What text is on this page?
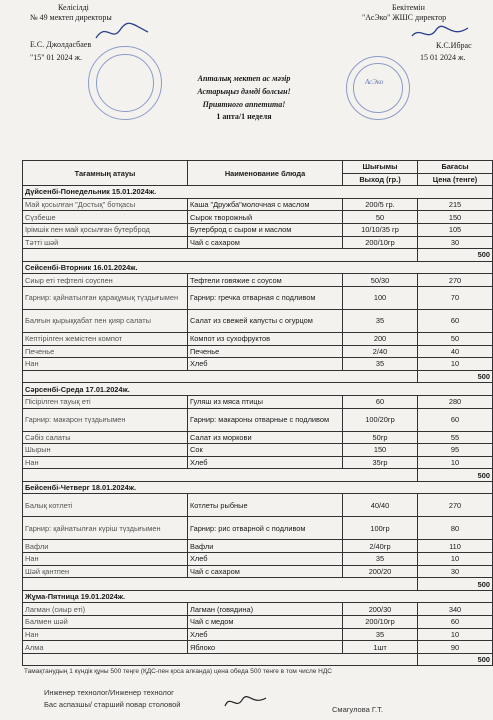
Келісілді
№ 49 мектеп директоры
Е.С. Джолдасбаев
"15" 01 2024 ж.
Бекітемін
"АсЭко" ЖШС директор
К.С.Ибрас
15 01 2024 ж.
АсЭко
Апталық мектеп ас мәзір
Астарыңыз дәмді болсын!
Приятного аппетита!
1 апта/1 неделя
Тағамның атауы	Наименование блюда	Шығымы	Бағасы
		Выход (гр.)	Цена (тенге)
Дүйсенбі-Понедельник 15.01.2024ж.			
Май қосылған "Достық" ботқасы	Каша "Дружба"молочная с маслом	200/5 гр.	215
Сүзбеше	Сырок творожный	50	150
Ірімшік пен май қосылған бутерброд	Бутерброд с сыром и маслом	10/10/35 гр	105
Тәтті шәй	Чай с сахаром	200/10гр	30
			500
Сейсенбі-Вторник 16.01.2024ж.			
Сиыр еті тефтелі соуспен	Тефтели говяжие с соусом	50/30	270
Гарнир: қайнатылған қарақұмық түздығымен	Гарнир: гречка отварная с подливом	100	70
Балғын қырыққабат пен қияр салаты	Салат из свежей капусты с огурцом	35	60
Кептірілген жемістен компот	Компот из сухофруктов	200	50
Печенье	Печенье	2/40	40
Нан	Хлеб	35	10
			500
Сәрсенбі-Среда 17.01.2024ж.			
Пісірілген тауық еті	Гуляш из мяса птицы	60	280
Гарнир: макарон түздығымен	Гарнир: макароны отварные с подливом	100/20гр	60
Сәбіз салаты	Салат из моркови	50гр	55
Шырын	Сок	150	95
Нан	Хлеб	35гр	10
			500
Бейсенбі-Четверг 18.01.2024ж.			
Балық котлеті	Котлеты рыбные	40/40	270
Гарнир: қайнатылған күріш түздығымен	Гарнир: рис отварной с подливом	100гр	80
Вафли	Вафли	2/40гр	110
Нан	Хлеб	35	10
Шәй қантпен	Чай с сахаром	200/20	30
			500
Жұма-Пятница 19.01.2024ж.			
Лагман (сиыр еті)	Лагман (говядина)	200/30	340
Балмен шәй	Чай с медом	200/10гр	60
Нан	Хлеб	35	10
Алма	Яблоко	1шт	90
			500
Тамақтанудың 1 күндік құны 500 теңге (ҚДС-пен қоса алғанда) цена обеда 500 тенге в том числе НДС
Инженер технолог/Инженер технолог
Бас аспазшы/ старший повар столовой
Смагулова Г.Т.
